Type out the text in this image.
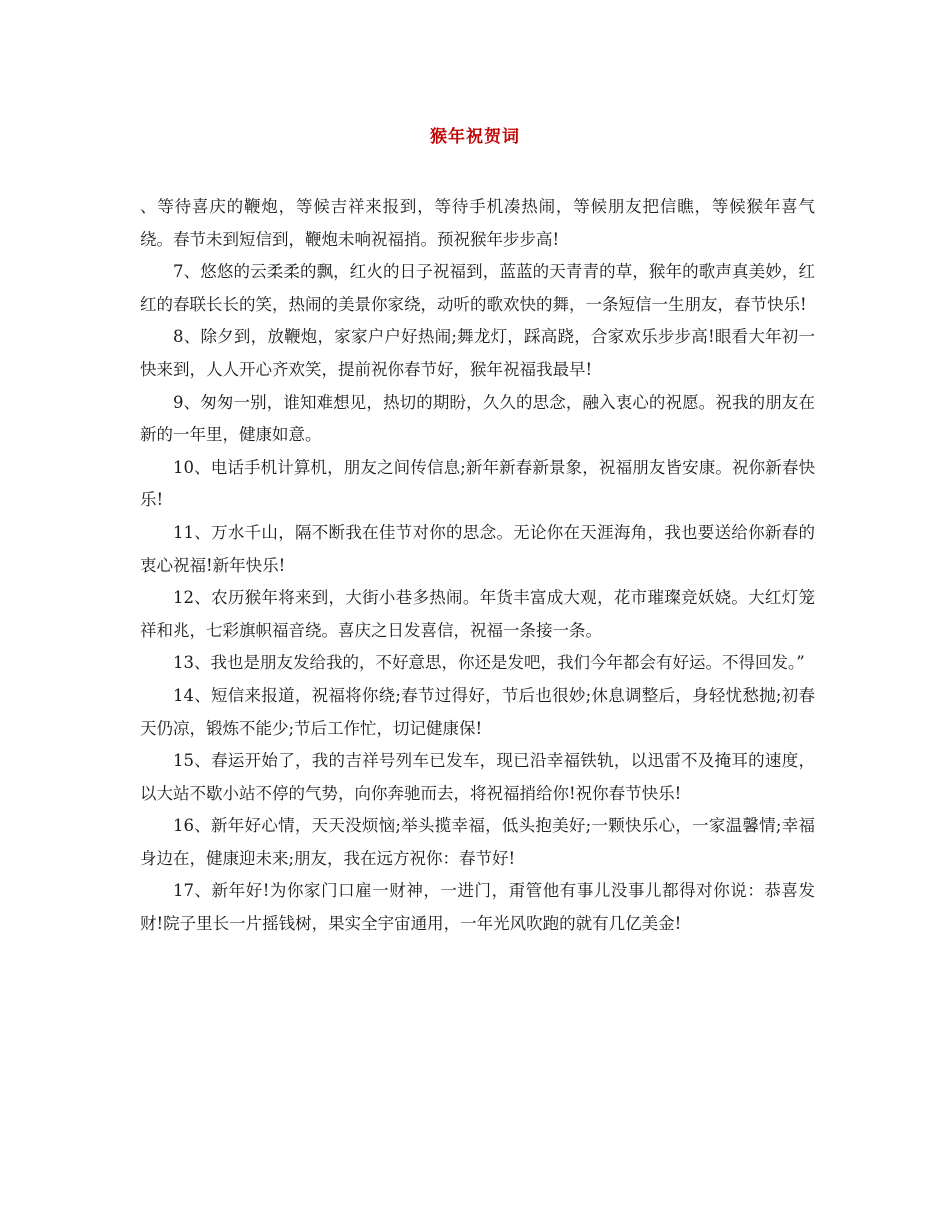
猴年祝贺词

、等待喜庆的鞭炮，等候吉祥来报到，等待手机凑热闹，等候朋友把信瞧，等候猴年喜气绕。春节未到短信到，鞭炮未响祝福捎。预祝猴年步步高!

7、悠悠的云柔柔的飘，红火的日子祝福到，蓝蓝的天青青的草，猴年的歌声真美妙，红红的春联长长的笑，热闹的美景你家绕，动听的歌欢快的舞，一条短信一生朋友，春节快乐!

8、除夕到，放鞭炮，家家户户好热闹;舞龙灯，踩高跷，合家欢乐步步高!眼看大年初一快来到，人人开心齐欢笑，提前祝你春节好，猴年祝福我最早!

9、匆匆一别，谁知难想见，热切的期盼，久久的思念，融入衷心的祝愿。祝我的朋友在新的一年里，健康如意。

10、电话手机计算机，朋友之间传信息;新年新春新景象，祝福朋友皆安康。祝你新春快乐!

11、万水千山，隔不断我在佳节对你的思念。无论你在天涯海角，我也要送给你新春的衷心祝福!新年快乐!

12、农历猴年将来到，大街小巷多热闹。年货丰富成大观，花市璀璨竞妖娆。大红灯笼祥和兆，七彩旗帜福音绕。喜庆之日发喜信，祝福一条接一条。

13、我也是朋友发给我的，不好意思，你还是发吧，我们今年都会有好运。不得回发。”

14、短信来报道，祝福将你绕;春节过得好，节后也很妙;休息调整后，身轻忧愁抛;初春天仍凉，锻炼不能少;节后工作忙，切记健康保!

15、春运开始了，我的吉祥号列车已发车，现已沿幸福铁轨，以迅雷不及掩耳的速度，以大站不歇小站不停的气势，向你奔驰而去，将祝福捎给你!祝你春节快乐!

16、新年好心情，天天没烦恼;举头揽幸福，低头抱美好;一颗快乐心，一家温馨情;幸福身边在，健康迎未来;朋友，我在远方祝你：春节好!

17、新年好!为你家门口雇一财神，一进门，甭管他有事儿没事儿都得对你说：恭喜发财!院子里长一片摇钱树，果实全宇宙通用，一年光风吹跑的就有几亿美金!
